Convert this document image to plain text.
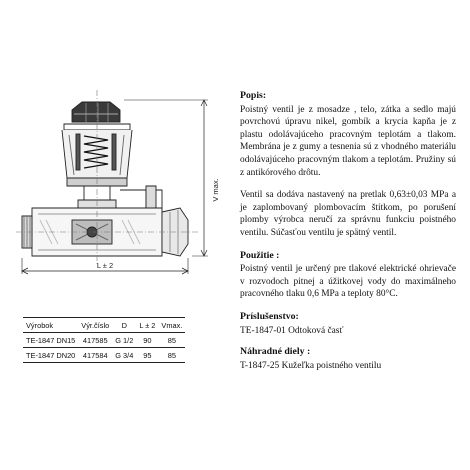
V max.
L ± 2
Výrobok	Výr.číslo	D	L ± 2	Vmax.
TE-1847 DN15	417585	G 1/2	90	85
TE-1847 DN20	417584	G 3/4	95	85
Popis:

Poistný ventil je z mosadze , telo, zátka a sedlo majú povrchovú úpravu nikel, gombík a krycia kapňa je z plastu odolávajúceho pracovným teplotám a tlakom. Membrána je z gumy a tesnenia sú z vhodného materiálu odolávajúceho pracovným tlakom a teplotám. Pružiny sú z antikórového drôtu.

Ventil sa dodáva nastavený na pretlak 0,63±0,03 MPa a je zaplombovaný plombovacím štítkom, po porušení plomby výrobca neručí za správnu funkciu poistného ventilu. Súčasťou ventilu je spätný ventil.

Použitie :

Poistný ventil je určený pre tlakové elektrické ohrievače v rozvodoch pitnej a úžitkovej vody do maximálneho pracovného tlaku 0,6 MPa a teploty 80°C.

Príslušenstvo:

TE-1847-01 Odtoková časť

Náhradné diely :

T-1847-25 Kužeľka poistného ventilu
